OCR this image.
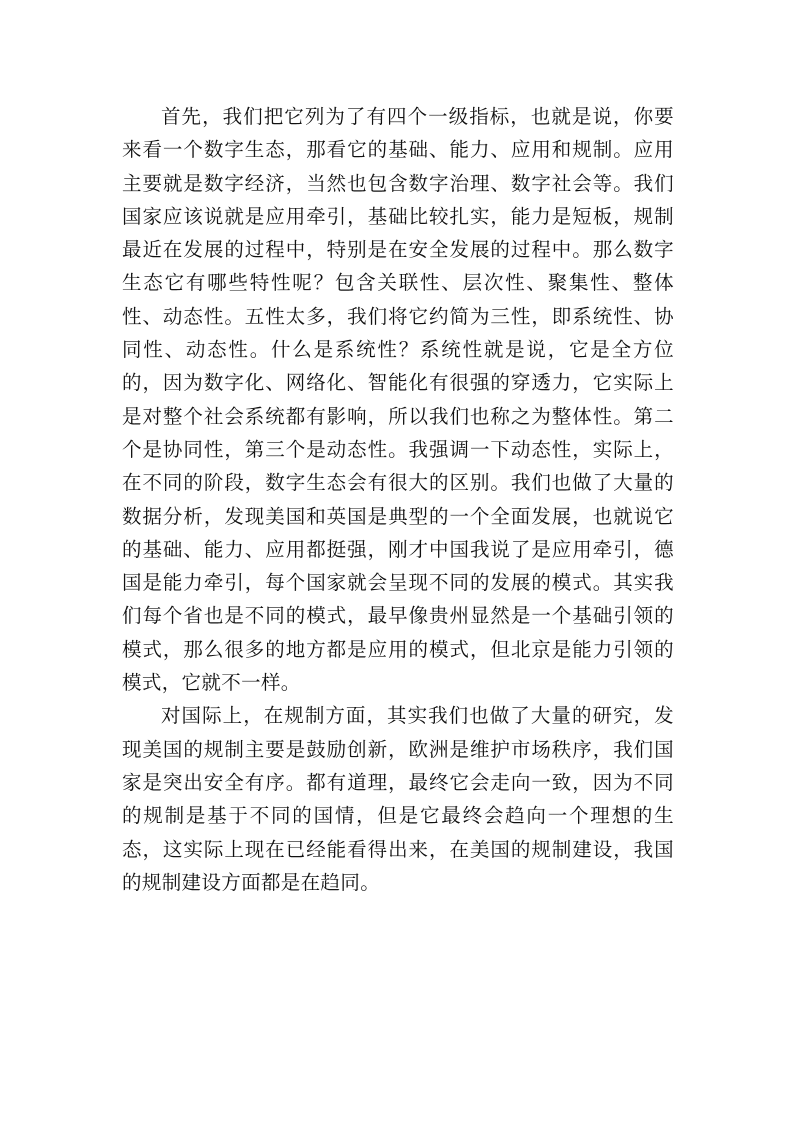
首先，我们把它列为了有四个一级指标，也就是说，你要来看一个数字生态，那看它的基础、能力、应用和规制。应用主要就是数字经济，当然也包含数字治理、数字社会等。我们国家应该说就是应用牵引，基础比较扎实，能力是短板，规制最近在发展的过程中，特别是在安全发展的过程中。那么数字生态它有哪些特性呢？包含关联性、层次性、聚集性、整体性、动态性。五性太多，我们将它约简为三性，即系统性、协同性、动态性。什么是系统性？系统性就是说，它是全方位的，因为数字化、网络化、智能化有很强的穿透力，它实际上是对整个社会系统都有影响，所以我们也称之为整体性。第二个是协同性，第三个是动态性。我强调一下动态性，实际上，在不同的阶段，数字生态会有很大的区别。我们也做了大量的数据分析，发现美国和英国是典型的一个全面发展，也就说它的基础、能力、应用都挺强，刚才中国我说了是应用牵引，德国是能力牵引，每个国家就会呈现不同的发展的模式。其实我们每个省也是不同的模式，最早像贵州显然是一个基础引领的模式，那么很多的地方都是应用的模式，但北京是能力引领的模式，它就不一样。

对国际上，在规制方面，其实我们也做了大量的研究，发现美国的规制主要是鼓励创新，欧洲是维护市场秩序，我们国家是突出安全有序。都有道理，最终它会走向一致，因为不同的规制是基于不同的国情，但是它最终会趋向一个理想的生态，这实际上现在已经能看得出来，在美国的规制建设，我国的规制建设方面都是在趋同。
